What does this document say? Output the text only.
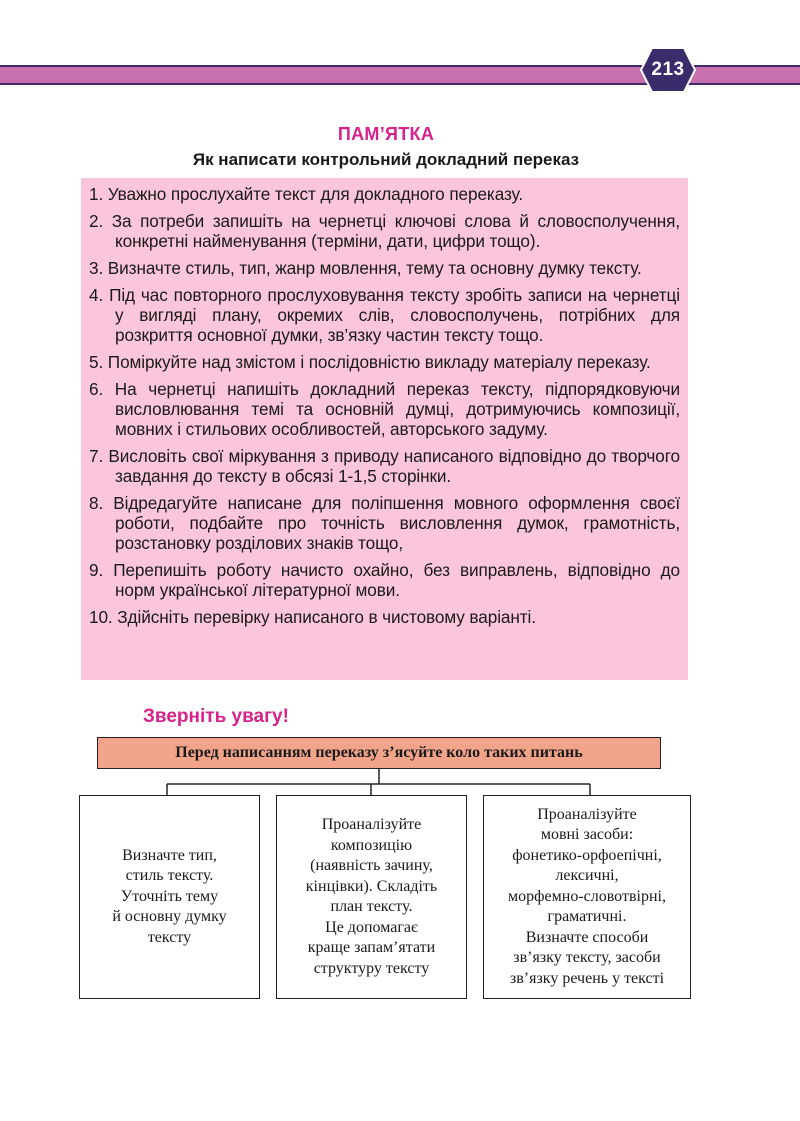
213
ПАМ’ЯТКА
Як написати контрольний докладний переказ

1. Уважно прослухайте текст для докладного переказу.

2. За потреби запишіть на чернетці ключові слова й словосполучення, конкретні найменування (терміни, дати, цифри тощо).

3. Визначте стиль, тип, жанр мовлення, тему та основну думку тексту.

4. Під час повторного прослуховування тексту зробіть записи на чернетці у вигляді плану, окремих слів, словосполучень, потрібних для розкриття основної думки, зв’язку частин тексту тощо.

5. Поміркуйте над змістом і послідовністю викладу матеріалу переказу.

6. На чернетці напишіть докладний переказ тексту, підпорядковуючи висловлювання темі та основній думці, дотримуючись композиції, мовних і стильових особливостей, авторського задуму.

7. Висловіть свої міркування з приводу написаного відповідно до творчого завдання до тексту в обсязі 1-1,5 сторінки.

8. Відредагуйте написане для поліпшення мовного оформлення своєї роботи, подбайте про точність висловлення думок, грамотність, розстановку розділових знаків тощо,

9. Перепишіть роботу начисто охайно, без виправлень, відповідно до норм української літературної мови.

10. Здійсніть перевірку написаного в чистовому варіанті.

Зверніть увагу!
Перед написанням переказу з’ясуйте коло таких питань
Визначте тип,
стиль тексту.
Уточніть тему
й основну думку
тексту
Проаналізуйте
композицію
(наявність зачину,
кінцівки). Складіть
план тексту.
Це допомагає
краще запам’ятати
структуру тексту
Проаналізуйте
мовні засоби:
фонетико-орфоепічні,
лексичні,
морфемно-словотвірні,
граматичні.
Визначте способи
зв’язку тексту, засоби
зв’язку речень у тексті
